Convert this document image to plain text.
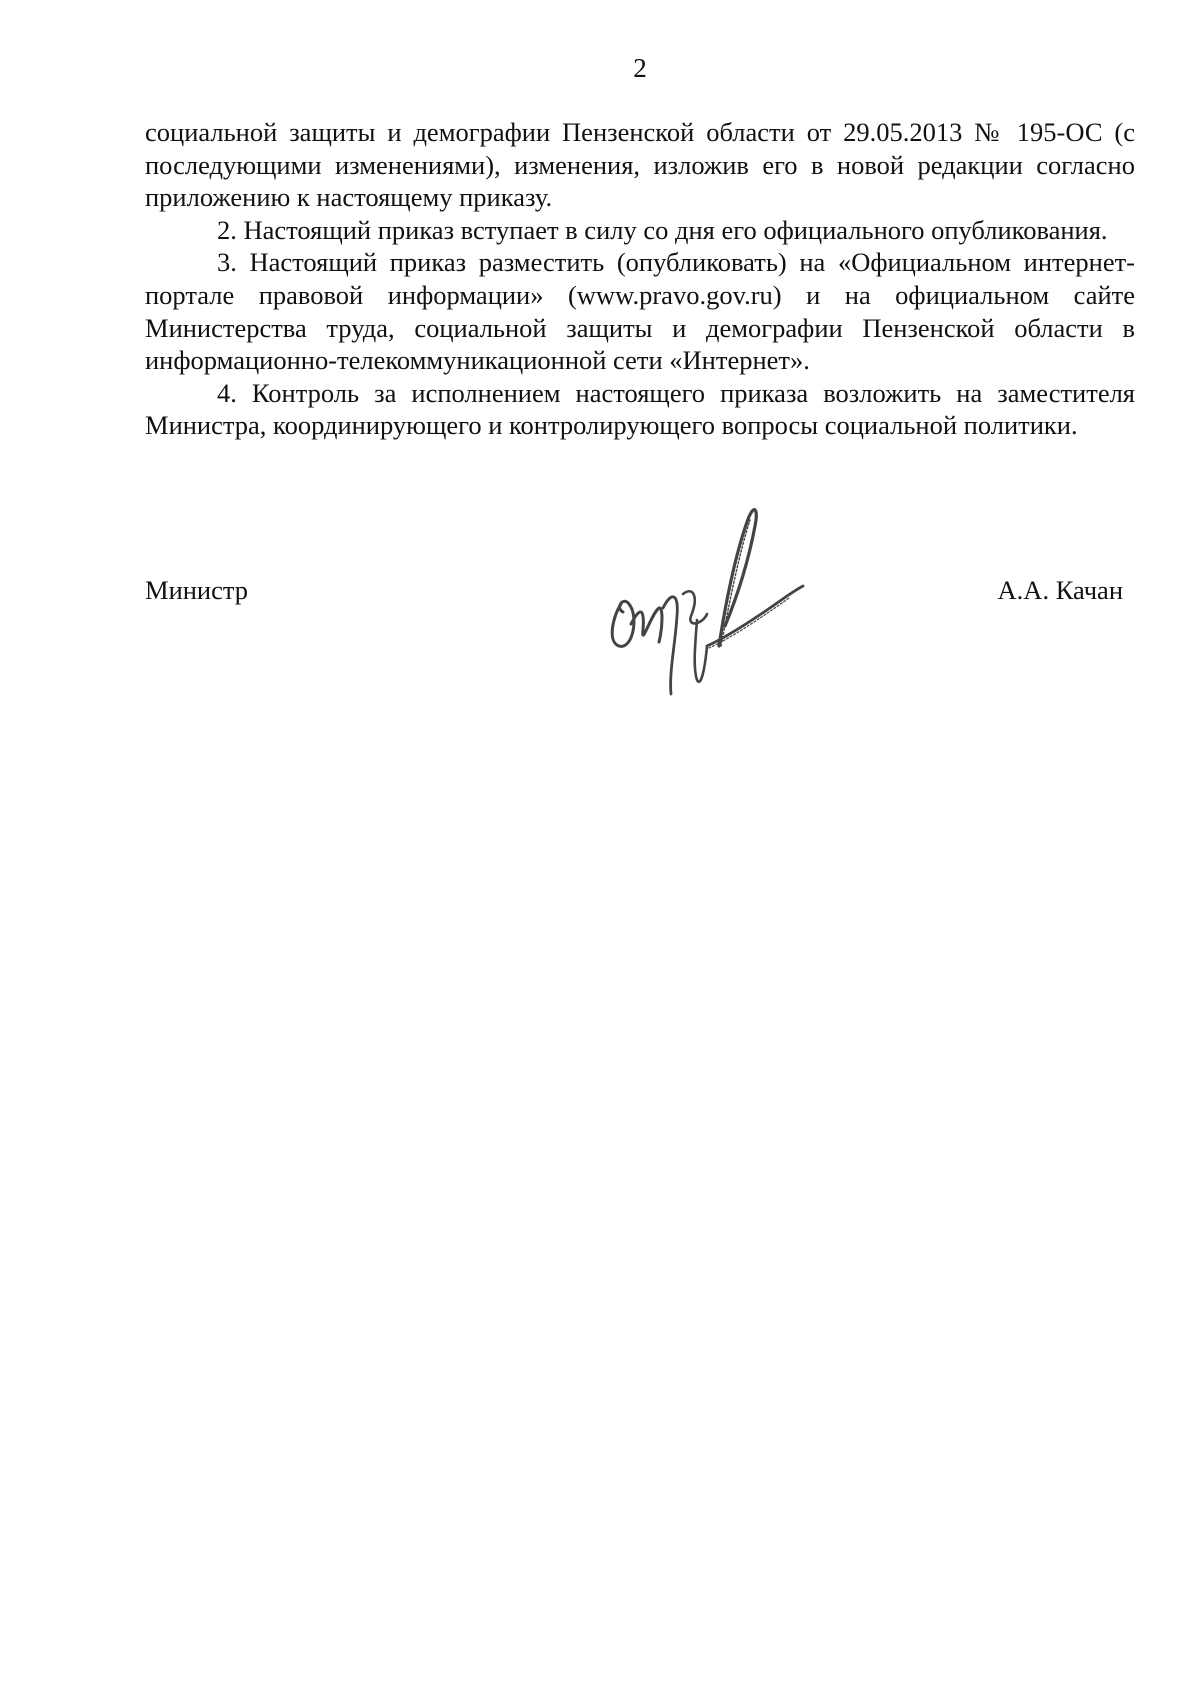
2

социальной защиты и демографии Пензенской области от 29.05.2013 № 195-ОС (с последующими изменениями), изменения, изложив его в новой редакции согласно приложению к настоящему приказу.

2. Настоящий приказ вступает в силу со дня его официального опубликования.

3. Настоящий приказ разместить (опубликовать) на «Официальном интернет-портале правовой информации» (www.pravo.gov.ru) и на официальном сайте Министерства труда, социальной защиты и демографии Пензенской области в информационно-телекоммуникационной сети «Интернет».

4. Контроль за исполнением настоящего приказа возложить на заместителя Министра, координирующего и контролирующего вопросы социальной политики.

Министр	А.А. Качан
